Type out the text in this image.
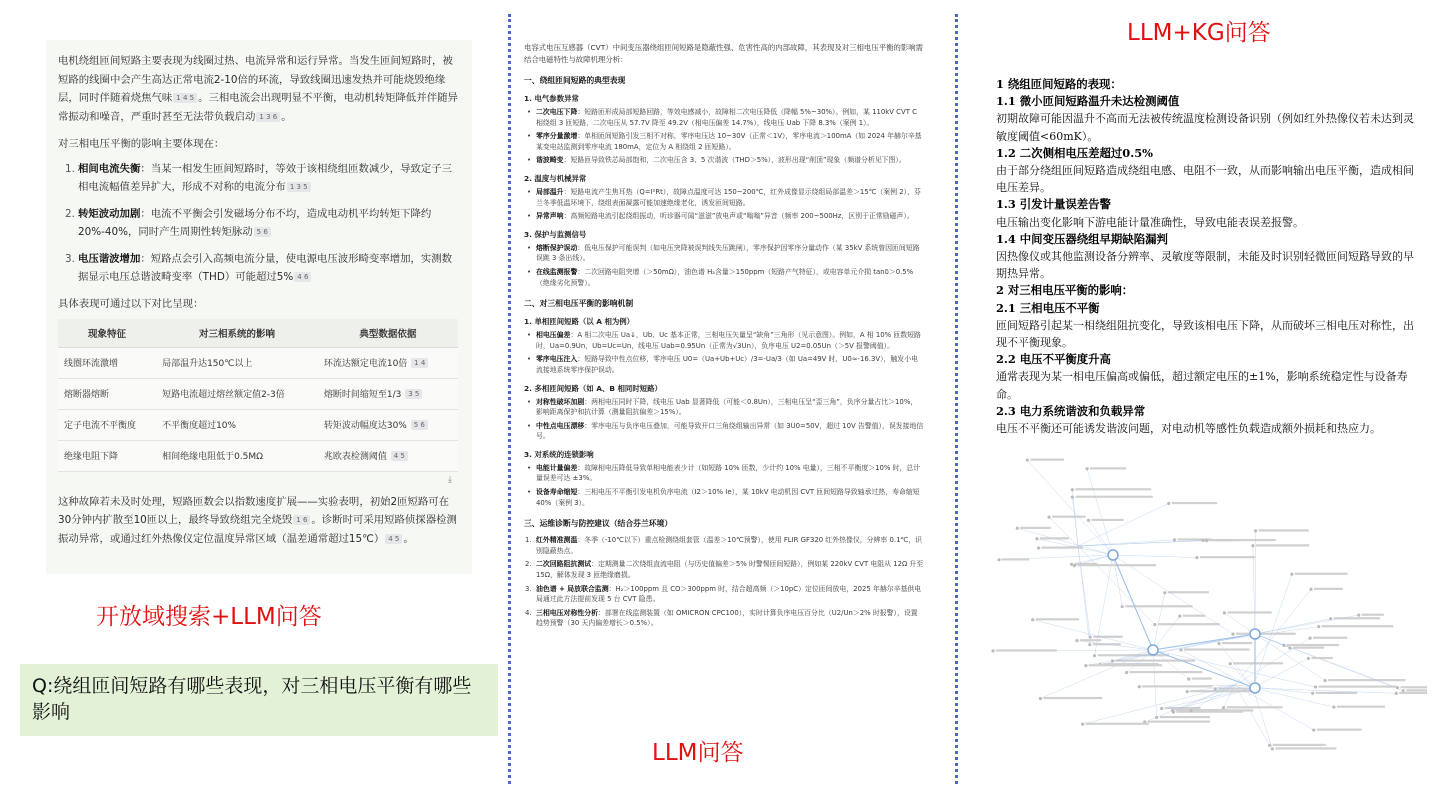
电机绕组匝间短路主要表现为线圈过热、电流异常和运行异常。当发生匝间短路时，被短路的线圈中会产生高达正常电流2-10倍的环流，导致线圈迅速发热并可能烧毁绝缘层，同时伴随着烧焦气味 1 4 5 。三相电流会出现明显不平衡，电动机转矩降低并伴随异常振动和噪音，严重时甚至无法带负载启动 1 3 6 。

对三相电压平衡的影响主要体现在：

1. 相间电流失衡：当某一相发生匝间短路时，等效于该相绕组匝数减少，导致定子三相电流幅值差异扩大，形成不对称的电流分布 1 3 5
2. 转矩波动加剧：电流不平衡会引发磁场分布不均，造成电动机平均转矩下降约20%-40%，同时产生周期性转矩脉动 5 6
3. 电压谐波增加：短路点会引入高频电流分量，使电源电压波形畸变率增加，实测数据显示电压总谐波畸变率（THD）可能超过5% 4 6

具体表现可通过以下对比呈现：

现象特征	对三相系统的影响	典型数据依据
线圈环流激增	局部温升达150℃以上	环流达额定电流10倍 1 4
熔断器熔断	短路电流超过熔丝额定值2-3倍	熔断时间缩短至1/3 3 5
定子电流不平衡度	不平衡度超过10%	转矩波动幅度达30% 5 6
绝缘电阻下降	相间绝缘电阻低于0.5MΩ	兆欧表检测阈值 4 5
⤓

这种故障若未及时处理，短路匝数会以指数速度扩展——实验表明，初始2匝短路可在30分钟内扩散至10匝以上，最终导致绕组完全烧毁 1 6 。诊断时可采用短路侦探器检测振动异常，或通过红外热像仪定位温度异常区域（温差通常超过15℃） 4 5 。

开放域搜索+LLM问答
Q:绕组匝间短路有哪些表现，对三相电压平衡有哪些影响

电容式电压互感器（CVT）中间变压器绕组匝间短路是隐蔽性强、危害性高的内部故障，其表现及对三相电压平衡的影响需结合电磁特性与故障机理分析：

一、绕组匝间短路的典型表现
1. 电气参数异常
• 二次电压下降：短路匝形成局部短路回路，等效电感减小，故障相二次电压降低（降幅 5%~30%）。例如，某 110kV CVT C 相绕组 3 匝短路，二次电压从 57.7V 降至 49.2V（相电压偏差 14.7%），线电压 Uab 下降 8.3%（案例 1）。
• 零序分量激增：单相匝间短路引发三相不对称，零序电压达 10~30V（正常＜1V），零序电流＞100mA（如 2024 年赫尔辛基某变电站监测到零序电流 180mA，定位为 A 相绕组 2 匝短路）。
• 谐波畸变：短路匝导致铁芯局部饱和，二次电压含 3、5 次谐波（THD＞5%），波形出现“削顶”现象（频谱分析见下图）。
2. 温度与机械异常
• 局部温升：短路电流产生焦耳热（Q=I²Rt），故障点温度可达 150~200℃，红外成像显示绕组局部温差＞15℃（案例 2），芬兰冬季低温环境下，绕组表面凝露可能加速绝缘老化，诱发匝间短路。
• 异常声响：高频短路电流引起绕组振动，听诊器可闻“滋滋”放电声或“嗡嗡”异音（频率 200~500Hz，区别于正常励磁声）。
3. 保护与监测信号
• 熔断保护误动：低电压保护可能误判（如电压突降被误判线失压跳闸），零序保护因零序分量动作（某 35kV 系统曾因匝间短路误跳 3 条出线）。
• 在线监测报警：二次回路电阻突增（＞50mΩ），油色谱 H₂含量＞150ppm（短路产气特征），或电容单元介损 tanδ＞0.5%（绝缘劣化预警）。
二、对三相电压平衡的影响机制
1. 单相匝间短路（以 A 相为例）
• 相电压偏差：A 相二次电压 Ua↓，Ub、Uc 基本正常，三相电压矢量呈“缺角”三角形（见示意图）。例如，A 相 10% 匝数短路时，Ua=0.9Un，Ub=Uc=Un，线电压 Uab=0.95Un（正常为√3Un），负序电压 U2=0.05Un（＞5V 报警阈值）。
• 零序电压注入：短路导致中性点位移，零序电压 U0=（Ua+Ub+Uc）/3=-Ua/3（如 Ua=49V 时，U0≈-16.3V），触发小电流接地系统零序保护误动。
2. 多相匝间短路（如 A、B 相同时短路）
• 对称性破坏加剧：两相电压同时下降，线电压 Uab 显著降低（可能＜0.8Un），三相电压呈“歪三角”，负序分量占比＞10%，影响距离保护和抗计算（测量阻抗偏差＞15%）。
• 中性点电压漂移：零序电压与负序电压叠加，可能导致开口三角绕组输出异常（如 3U0=50V，超过 10V 告警值），误发接地信号。
3. 对系统的连锁影响
• 电能计量偏差：故障相电压降低导致单相电能表少计（如短路 10% 匝数，少计约 10% 电量），三相不平衡度＞10% 时，总计量误差可达 ±3%。
• 设备寿命缩短：三相电压不平衡引发电机负序电流（I2＞10% Ie），某 10kV 电动机因 CVT 匝间短路导致轴承过热，寿命缩短 40%（案例 3）。
三、运维诊断与防控建议（结合芬兰环境）
1. 红外精准测温：冬季（-10℃以下）重点检测绕组套管（温差＞10℃预警），使用 FLIR GF320 红外热像仪，分辨率 0.1℃，识别隐蔽热点。
2. 二次回路阻抗测试：定期测量二次绕组直流电阻（与历史值偏差＞5% 时警惕匝间短路），例如某 220kV CVT 电阻从 12Ω 升至 15Ω，解体发现 3 匝绝缘磨损。
3. 油色谱 + 局放联合监测：H₂＞100ppm 且 CO＞300ppm 时，结合超高频（＞10pC）定位匝间放电，2025 年赫尔辛基供电局通过此方法提前发现 5 台 CVT 隐患。
4. 三相电压对称性分析：部署在线监测装置（如 OMICRON CPC100），实时计算负序电压百分比（U2/Un＞2% 时报警），设置趋势预警（30 天内偏差增长＞0.5%）。
LLM问答
LLM+KG问答
1 绕组匝间短路的表现：
1.1 微小匝间短路温升未达检测阈值
初期故障可能因温升不高而无法被传统温度检测设备识别（例如红外热像仪若未达到灵敏度阈值<60mK）。
1.2 二次侧相电压差超过0.5%
由于部分绕组匝间短路造成绕组电感、电阻不一致，从而影响输出电压平衡，造成相间电压差异。
1.3 引发计量误差告警
电压输出变化影响下游电能计量准确性，导致电能表误差报警。
1.4 中间变压器绕组早期缺陷漏判
因热像仪或其他监测设备分辨率、灵敏度等限制，未能及时识别轻微匝间短路导致的早期热异常。
2 对三相电压平衡的影响：
2.1 三相电压不平衡
匝间短路引起某一相绕组阻抗变化，导致该相电压下降，从而破坏三相电压对称性，出现不平衡现象。
2.2 电压不平衡度升高
通常表现为某一相电压偏高或偏低，超过额定电压的±1%，影响系统稳定性与设备寿命。
2.3 电力系统谐波和负载异常
电压不平衡还可能诱发谐波问题，对电动机等感性负载造成额外损耗和热应力。
